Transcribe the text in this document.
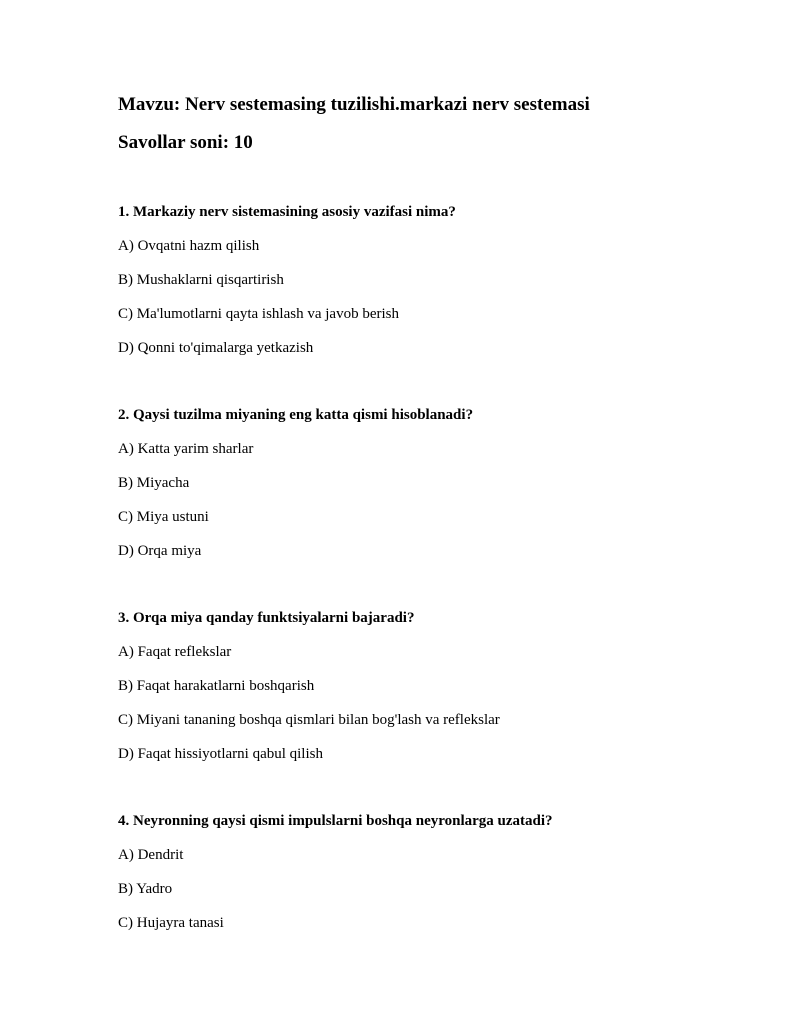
Mavzu: Nerv sestemasing tuzilishi.markazi nerv sestemasi
Savollar soni: 10
1. Markaziy nerv sistemasining asosiy vazifasi nima?
A) Ovqatni hazm qilish
B) Mushaklarni qisqartirish
C) Ma'lumotlarni qayta ishlash va javob berish
D) Qonni to'qimalarga yetkazish
2. Qaysi tuzilma miyaning eng katta qismi hisoblanadi?
A) Katta yarim sharlar
B) Miyacha
C) Miya ustuni
D) Orqa miya
3. Orqa miya qanday funktsiyalarni bajaradi?
A) Faqat reflekslar
B) Faqat harakatlarni boshqarish
C) Miyani tananing boshqa qismlari bilan bog'lash va reflekslar
D) Faqat hissiyotlarni qabul qilish
4. Neyronning qaysi qismi impulslarni boshqa neyronlarga uzatadi?
A) Dendrit
B) Yadro
C) Hujayra tanasi
